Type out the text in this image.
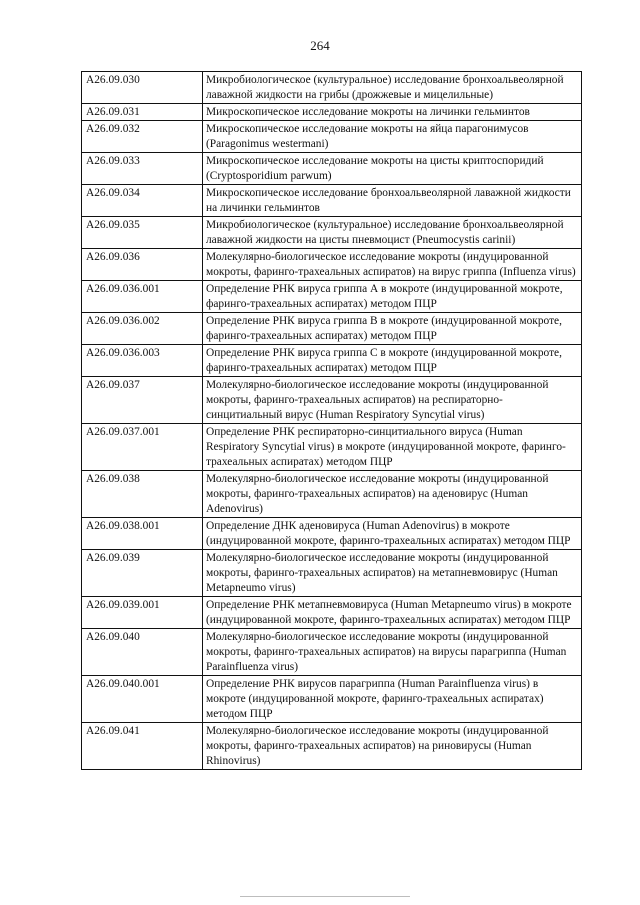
264
A26.09.030	Микробиологическое (культуральное) исследование бронхоальвеолярной лаважной жидкости на грибы (дрожжевые и мицелильные)
A26.09.031	Микроскопическое исследование мокроты на личинки гельминтов
A26.09.032	Микроскопическое исследование мокроты на яйца парагонимусов (Paragonimus westermani)
A26.09.033	Микроскопическое исследование мокроты на цисты криптоспоридий (Cryptosporidium parwum)
A26.09.034	Микроскопическое исследование бронхоальвеолярной лаважной жидкости на личинки гельминтов
A26.09.035	Микробиологическое (культуральное) исследование бронхоальвеолярной лаважной жидкости на цисты пневмоцист (Pneumocystis carinii)
A26.09.036	Молекулярно-биологическое исследование мокроты (индуцированной мокроты, фаринго-трахеальных аспиратов) на вирус гриппа (Influenza virus)
A26.09.036.001	Определение РНК вируса гриппа А в мокроте (индуцированной мокроте, фаринго-трахеальных аспиратах) методом ПЦР
A26.09.036.002	Определение РНК вируса гриппа В в мокроте (индуцированной мокроте, фаринго-трахеальных аспиратах) методом ПЦР
A26.09.036.003	Определение РНК вируса гриппа С в мокроте (индуцированной мокроте, фаринго-трахеальных аспиратах) методом ПЦР
A26.09.037	Молекулярно-биологическое исследование мокроты (индуцированной мокроты, фаринго-трахеальных аспиратов) на респираторно-синцитиальный вирус (Human Respiratory Syncytial virus)
A26.09.037.001	Определение РНК респираторно-синцитиального вируса (Human Respiratory Syncytial virus) в мокроте (индуцированной мокроте, фаринго-трахеальных аспиратах) методом ПЦР
A26.09.038	Молекулярно-биологическое исследование мокроты (индуцированной мокроты, фаринго-трахеальных аспиратов) на аденовирус (Human Adenovirus)
A26.09.038.001	Определение ДНК аденовируса (Human Adenovirus) в мокроте (индуцированной мокроте, фаринго-трахеальных аспиратах) методом ПЦР
A26.09.039	Молекулярно-биологическое исследование мокроты (индуцированной мокроты, фаринго-трахеальных аспиратов) на метапневмовирус (Human Metapneumo virus)
A26.09.039.001	Определение РНК метапневмовируса (Human Metapneumo virus) в мокроте (индуцированной мокроте, фаринго-трахеальных аспиратах) методом ПЦР
A26.09.040	Молекулярно-биологическое исследование мокроты (индуцированной мокроты, фаринго-трахеальных аспиратов) на вирусы парагриппа (Human Parainfluenza virus)
A26.09.040.001	Определение РНК вирусов парагриппа (Human Parainfluenza virus) в мокроте (индуцированной мокроте, фаринго-трахеальных аспиратах) методом ПЦР
A26.09.041	Молекулярно-биологическое исследование мокроты (индуцированной мокроты, фаринго-трахеальных аспиратов) на риновирусы (Human Rhinovirus)
